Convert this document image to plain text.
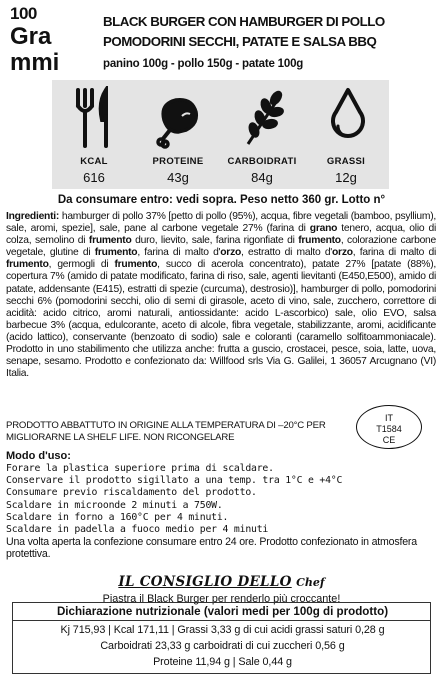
100
Gra
mmi
BLACK BURGER CON HAMBURGER DI POLLO
POMODORINI SECCHI, PATATE E SALSA BBQ
panino 100g - pollo 150g - patate 100g
KCAL
616
PROTEINE
43g
CARBOIDRATI
84g
GRASSI
12g
Da consumare entro: vedi sopra. Peso netto 360 gr. Lotto n°
Ingredienti: hamburger di pollo 37% [petto di pollo (95%), acqua, fibre vegetali (bamboo, psyllium), sale, aromi, spezie], sale, pane al carbone vegetale 27% (farina di grano tenero, acqua, olio di colza, semolino di frumento duro, lievito, sale, farina rigonfiate di frumento, colorazione carbone vegetale, glutine di frumento, farina di malto d'orzo, estratto di malto d'orzo, farina di malto di frumento, germogli di frumento, succo di acerola concentrato), patate 27% [patate (88%), copertura 7% (amido di patate modificato, farina di riso, sale, agenti lievitanti (E450,E500), amido di patate, addensante (E415), estratti di spezie (curcuma), destrosio)], hamburger di pollo, pomodorini secchi 6% (pomodorini secchi, olio di semi di girasole, aceto di vino, sale, zucchero, correttore di acidità: acido citrico, aromi naturali, antiossidante: acido L-ascorbico) sale, olio EVO, salsa barbecue 3% (acqua, edulcorante, aceto di alcole, fibra vegetale, stabilizzante, aromi, acidificante (acido lattico), conservante (benzoato di sodio) sale e coloranti (caramello solfitoammoniacale). Prodotto in uno stabilimento che utilizza anche: frutta a guscio, crostacei, pesce, soia, latte, uova, senape, sesamo. Prodotto e confezionato da: Willfood srls Via G. Galilei, 1 36057 Arcugnano (VI) Italia.
PRODOTTO ABBATTUTO IN ORIGINE ALLA TEMPERATURA DI –20°C PER MIGLIORARNE LA SHELF LIFE. NON RICONGELARE
IT
T1584
CE
Modo d'uso:
Forare la plastica superiore prima di scaldare.
Conservare il prodotto sigillato a una temp. tra 1°C e +4°C
Consumare previo riscaldamento del prodotto.
Scaldare in microonde 2 minuti a 750W.
Scaldare in forno a 160°C per 4 minuti.
Scaldare in padella a fuoco medio per 4 minuti
Una volta aperta la confezione consumare entro 24 ore. Prodotto confezionato in atmosfera protettiva.
IL CONSIGLIO DELLO Chef
Piastra il Black Burger per renderlo più croccante!
Dichiarazione nutrizionale (valori medi per 100g di prodotto)
Kj 715,93 | Kcal 171,11 | Grassi 3,33 g di cui acidi grassi saturi 0,28 g
Carboidrati 23,33 g carboidrati di cui zuccheri 0,56 g
Proteine 11,94 g | Sale 0,44 g
